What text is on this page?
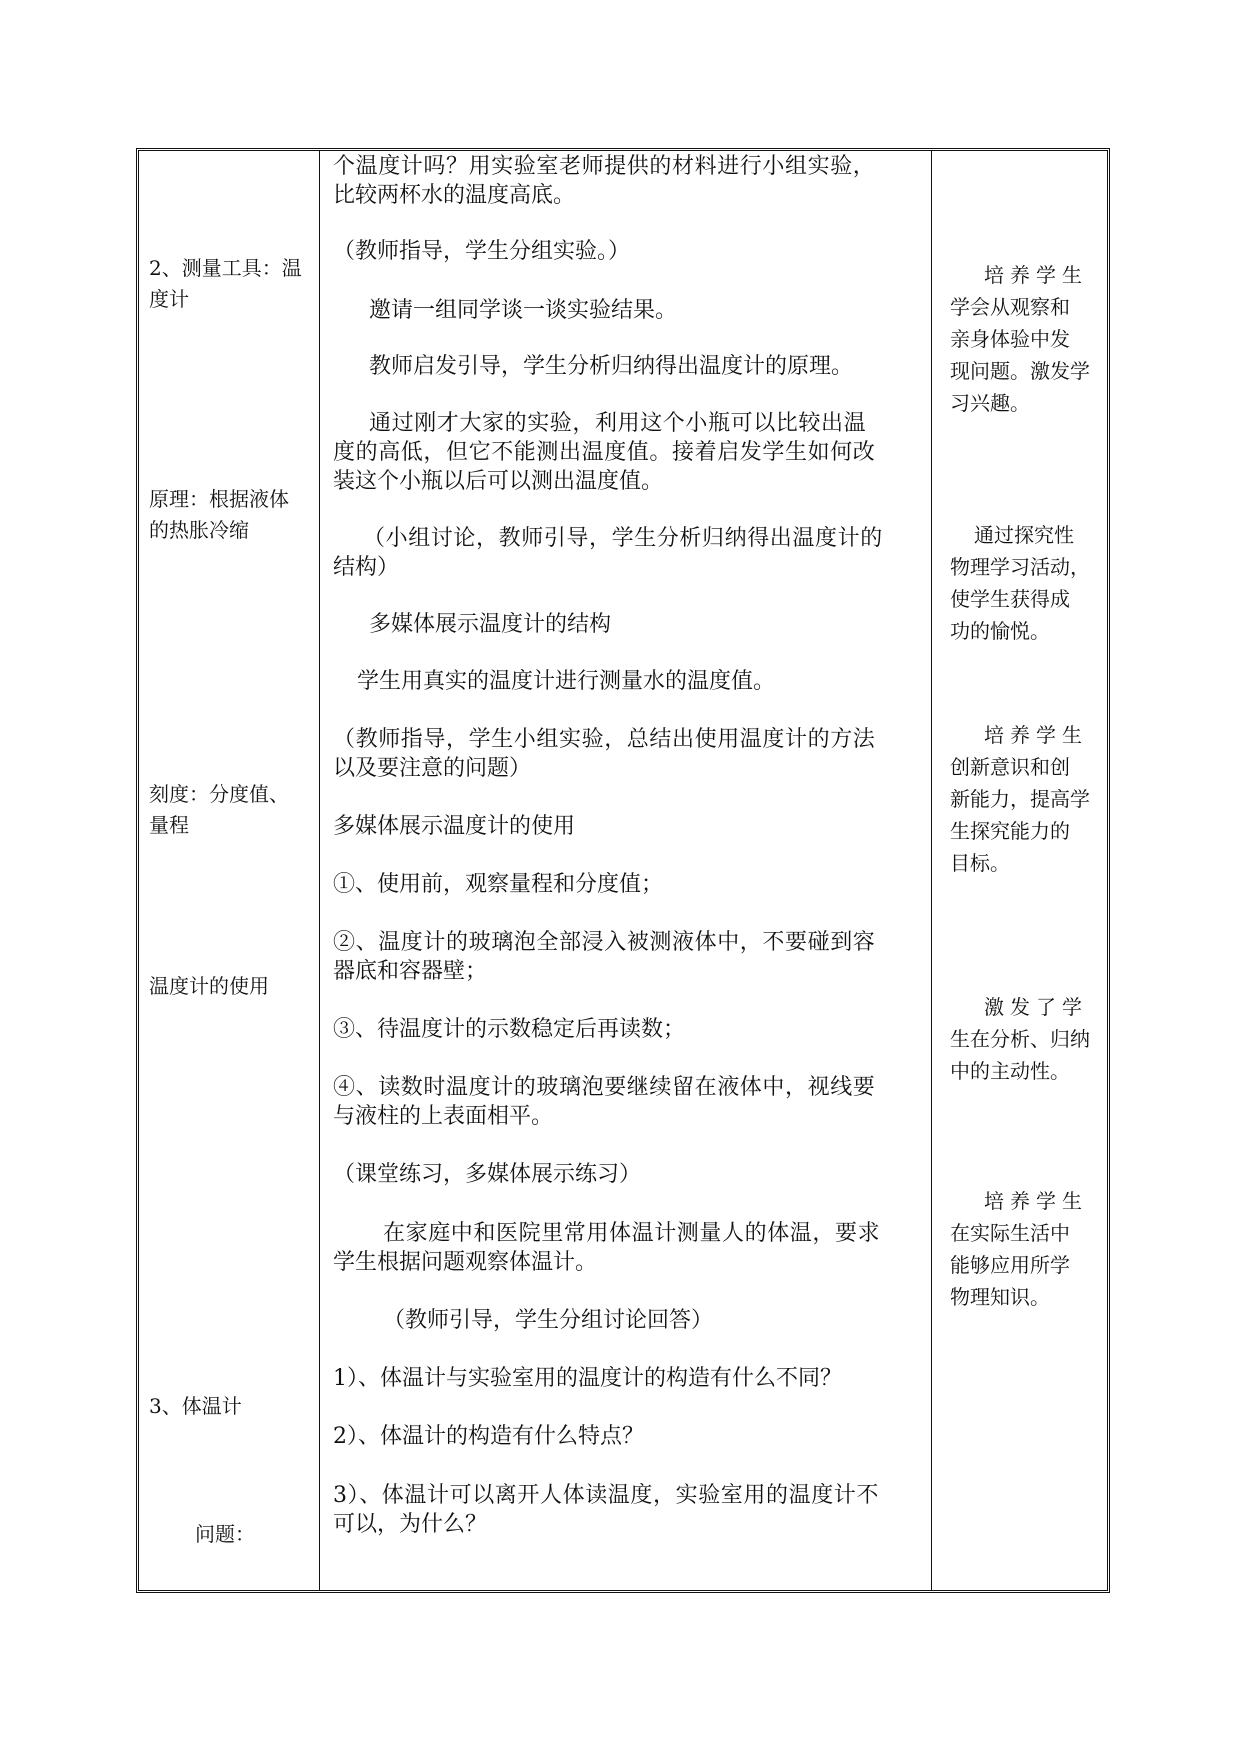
2、测量工具：温
度计
原理：根据液体
的热胀冷缩
刻度：分度值、
量程
温度计的使用
3、体温计
问题：
个温度计吗？用实验室老师提供的材料进行小组实验，
比较两杯水的温度高底。
（教师指导，学生分组实验。）
邀请一组同学谈一谈实验结果。
教师启发引导，学生分析归纳得出温度计的原理。
通过刚才大家的实验，利用这个小瓶可以比较出温
度的高低，但它不能测出温度值。接着启发学生如何改
装这个小瓶以后可以测出温度值。
（小组讨论，教师引导，学生分析归纳得出温度计的
结构）
多媒体展示温度计的结构
学生用真实的温度计进行测量水的温度值。
（教师指导，学生小组实验，总结出使用温度计的方法
以及要注意的问题）
多媒体展示温度计的使用
①、使用前，观察量程和分度值；
②、温度计的玻璃泡全部浸入被测液体中，不要碰到容
器底和容器壁；
③、待温度计的示数稳定后再读数；
④、读数时温度计的玻璃泡要继续留在液体中，视线要
与液柱的上表面相平。
（课堂练习，多媒体展示练习）
在家庭中和医院里常用体温计测量人的体温，要求
学生根据问题观察体温计。
（教师引导，学生分组讨论回答）
1）、体温计与实验室用的温度计的构造有什么不同？
2）、体温计的构造有什么特点？
3）、体温计可以离开人体读温度，实验室用的温度计不
可以，为什么？
培养学生
学会从观察和
亲身体验中发
现问题。激发学
习兴趣。
通过探究性
物理学习活动，
使学生获得成
功的愉悦。
培养学生
创新意识和创
新能力，提高学
生探究能力的
目标。
激发了学
生在分析、归纳
中的主动性。
培养学生
在实际生活中
能够应用所学
物理知识。
